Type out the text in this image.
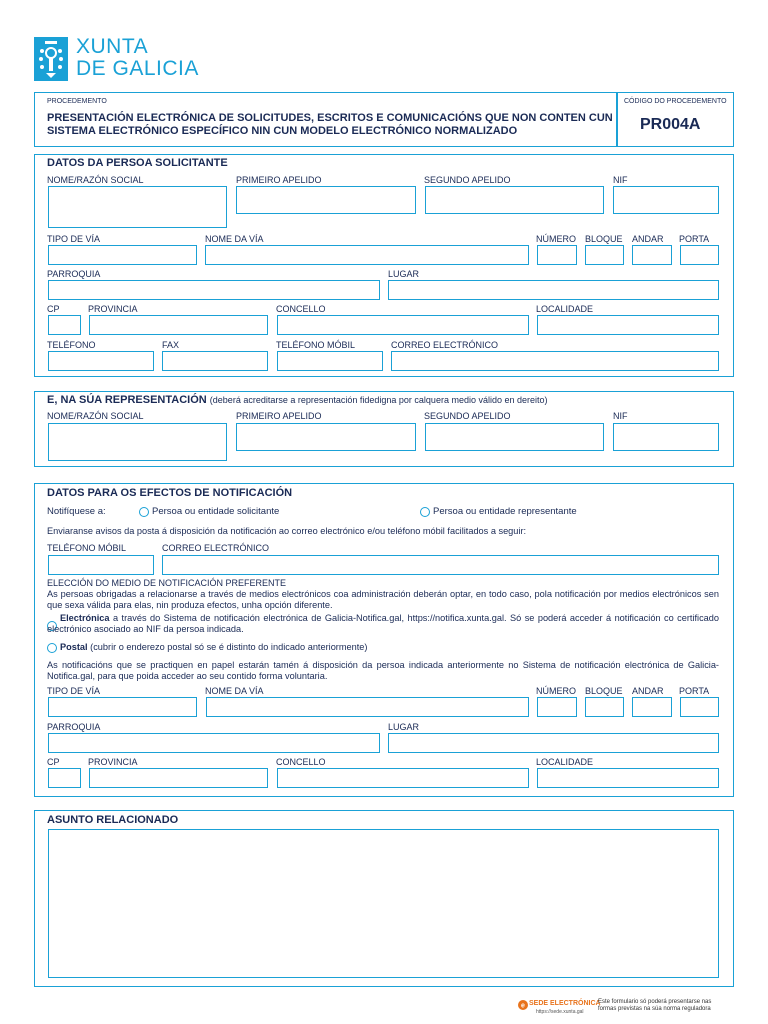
XUNTA
DE GALICIA
PROCEDEMENTO
PRESENTACIÓN ELECTRÓNICA DE SOLICITUDES, ESCRITOS E COMUNICACIÓNS QUE NON CONTEN CUN
SISTEMA ELECTRÓNICO ESPECÍFICO NIN CUN MODELO ELECTRÓNICO NORMALIZADO
CÓDIGO DO PROCEDEMENTO
PR004A
DATOS DA PERSOA SOLICITANTE
NOME/RAZÓN SOCIAL	PRIMEIRO APELIDO	SEGUNDO APELIDO	NIF
TIPO DE VÍA	NOME DA VÍA	NÚMERO BLOQUE ANDAR PORTA
PARROQUIA	LUGAR
CP	PROVINCIA	CONCELLO	LOCALIDADE
TELÉFONO	FAX	TELÉFONO MÓBIL	CORREO ELECTRÓNICO
E, NA SÚA REPRESENTACIÓN (deberá acreditarse a representación fidedigna por calquera medio válido en dereito)
NOME/RAZÓN SOCIAL	PRIMEIRO APELIDO	SEGUNDO APELIDO	NIF
DATOS PARA OS EFECTOS DE NOTIFICACIÓN
Notifíquese a:	Persoa ou entidade solicitante	Persoa ou entidade representante
Enviaranse avisos da posta á disposición da notificación ao correo electrónico e/ou teléfono móbil facilitados a seguir:
TELÉFONO MÓBIL	CORREO ELECTRÓNICO
ELECCIÓN DO MEDIO DE NOTIFICACIÓN PREFERENTE
As persoas obrigadas a relacionarse a través de medios electrónicos coa administración deberán optar, en todo caso, pola notificación por medios electrónicos sen que sexa válida para elas, nin produza efectos, unha opción diferente.
Electrónica a través do Sistema de notificación electrónica de Galicia-Notifica.gal, https://notifica.xunta.gal. Só se poderá acceder á notificación co certificado electrónico asociado ao NIF da persoa indicada.
Postal (cubrir o enderezo postal só se é distinto do indicado anteriormente)
As notificacións que se practiquen en papel estarán tamén á disposición da persoa indicada anteriormente no Sistema de notificación electrónica de Galicia-Notifica.gal, para que poida acceder ao seu contido forma voluntaria.
TIPO DE VÍA	NOME DA VÍA	NÚMERO BLOQUE ANDAR PORTA
PARROQUIA	LUGAR
CP	PROVINCIA	CONCELLO	LOCALIDADE
ASUNTO RELACIONADO
e SEDE ELECTRÓNICA
https://sede.xunta.gal
Este formulario só poderá presentarse nas
formas previstas na súa norma reguladora
